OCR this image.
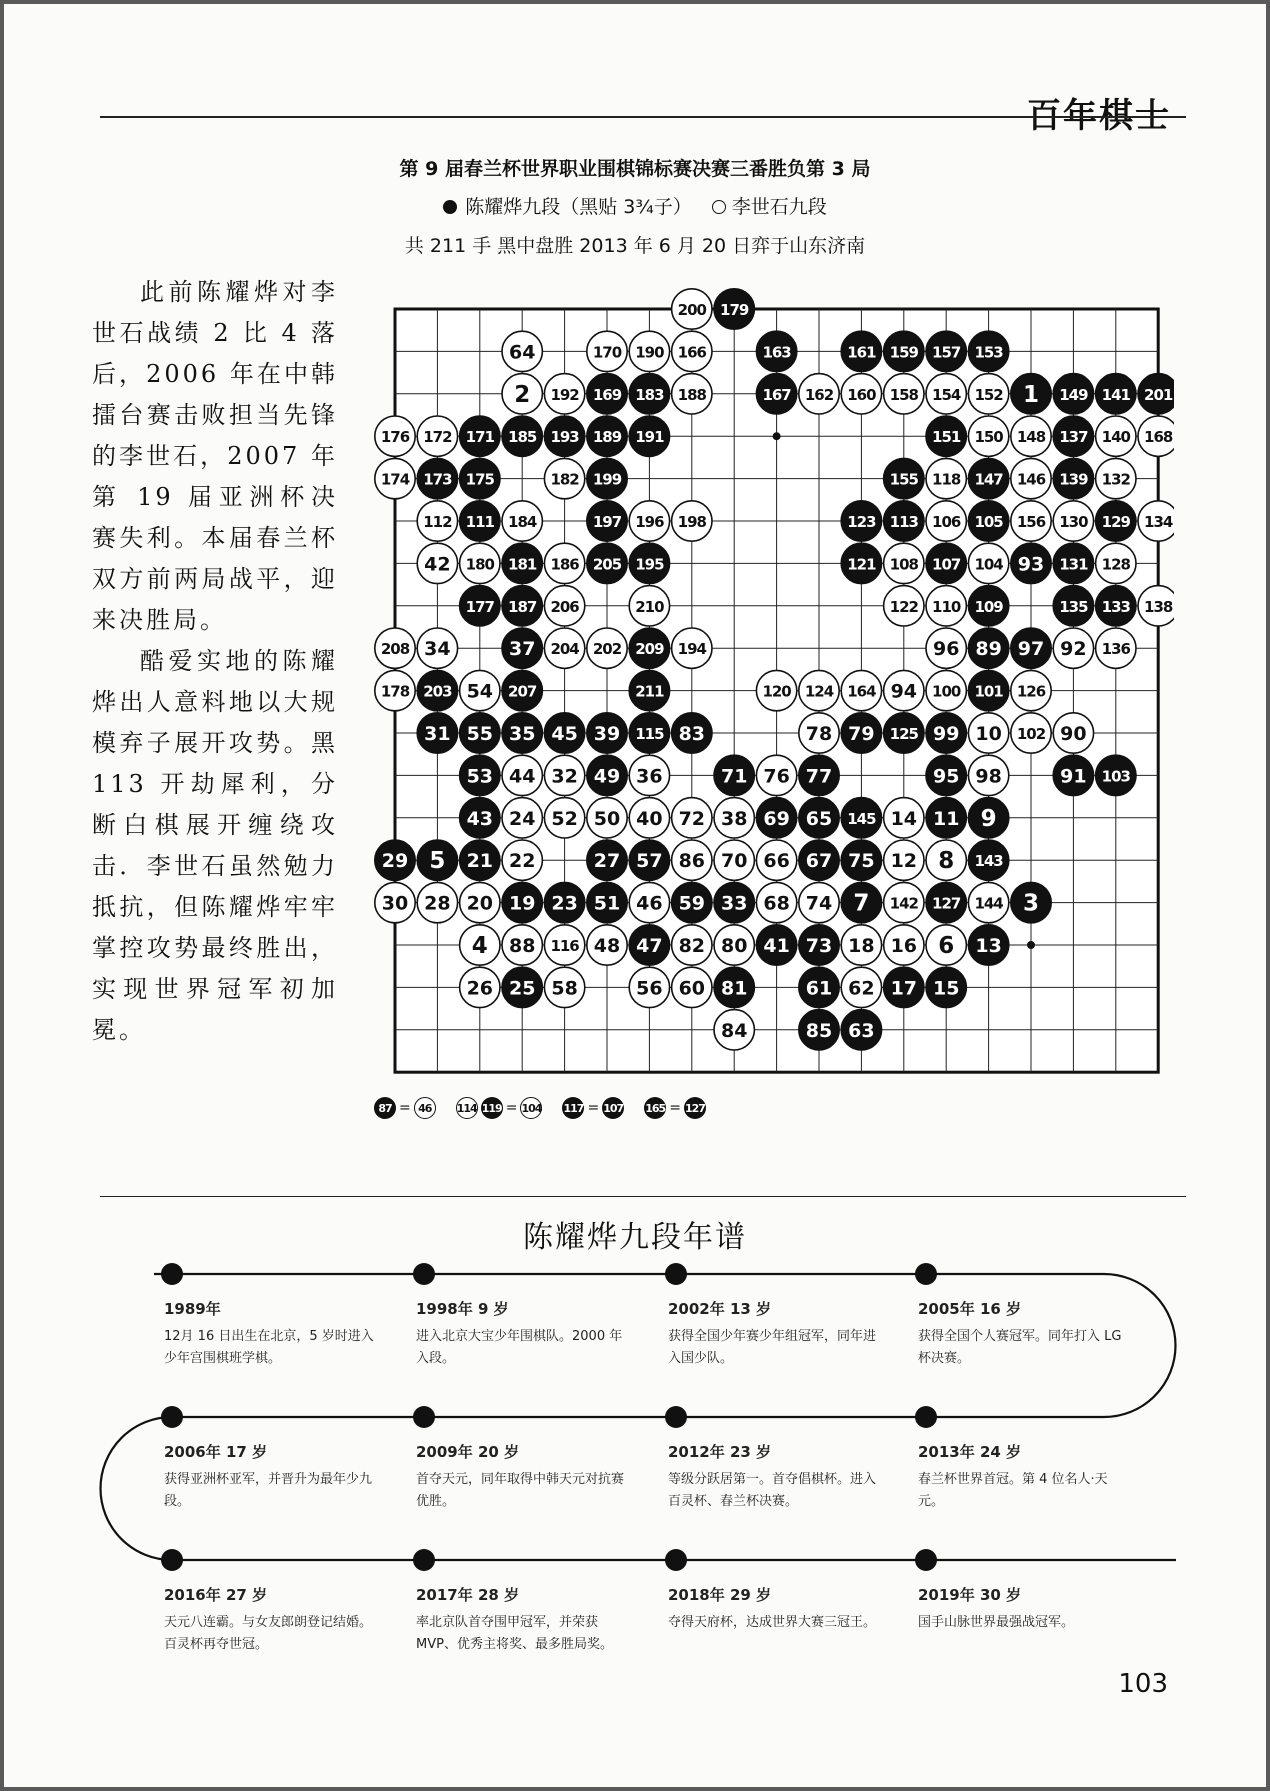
百年棋士
第 9 届春兰杯世界职业围棋锦标赛决赛三番胜负第 3 局
陈耀烨九段（黑贴 3¾子） 李世石九段
共 211 手 黑中盘胜 2013 年 6 月 20 日弈于山东济南

此前陈耀烨对李世石战绩 2 比 4 落后，2006 年在中韩擂台赛击败担当先锋的李世石，2007 年第 19 届亚洲杯决赛失利。本届春兰杯双方前两局战平，迎来决胜局。

酷爱实地的陈耀烨出人意料地以大规模弃子展开攻势。黑 113 开劫犀利，分断白棋展开缠绕攻击．李世石虽然勉力抵抗，但陈耀烨牢牢掌控攻势最终胜出，实现世界冠军初加冕。

200 179
64	170 190 166	163	161 159 157 153
2 192 169 183 188	167 162 160 158 154 152 1 149 141 201
176 172 171 185 193 189 191	151 150 148 137 140 168
174 173 175	182 199	155 118 147 146 139 132
112 111 184	197 196 198	123 113 106 105 156 130 129 134
42 180 181 186 205 195	121 108 107 104 93 131 128
177 187 206	210	122 110 109	135 133 138
208 34	37 204 202 209 194	96 89 97 92 136
178 203 54 207	211	120 124 164 94 100 101 126
31 55 35 45 39 115 83	78 79 125 99 10 102 90
53 44 32 49 36	71 76 77	95 98	91 103
43 24 52 50 40 72 38 69 65 145 14 11 9
29 5 21 22	27 57 86 70 66 67 75 12 8 143
30 28 20 19 23 51 46 59 33 68 74 7 142 127 144 3
4 88 116 48 47 82 80 41 73 18 16 6 13
26 25 58	56 60 81	61 62 17 15
84	85 63
87 = 46	114 119 = 104 117 = 107 165 = 127
陈耀烨九段年谱
1989年
12月 16 日出生在北京，5 岁时进入少年宫围棋班学棋。
1998年 9 岁
进入北京大宝少年围棋队。2000 年入段。
2002年 13 岁
获得全国少年赛少年组冠军，同年进入国少队。
2005年 16 岁
获得全国个人赛冠军。同年打入 LG 杯决赛。
2006年 17 岁
获得亚洲杯亚军，并晋升为最年少九段。
2009年 20 岁
首夺天元，同年取得中韩天元对抗赛优胜。
2012年 23 岁
等级分跃居第一。首夺倡棋杯。进入百灵杯、春兰杯决赛。
2013年 24 岁
春兰杯世界首冠。第 4 位名人·天元。
2016年 27 岁
天元八连霸。与女友郎朗登记结婚。百灵杯再夺世冠。
2017年 28 岁
率北京队首夺围甲冠军，并荣获 MVP、优秀主将奖、最多胜局奖。
2018年 29 岁
夺得天府杯，达成世界大赛三冠王。
2019年 30 岁
国手山脉世界最强战冠军。
103
